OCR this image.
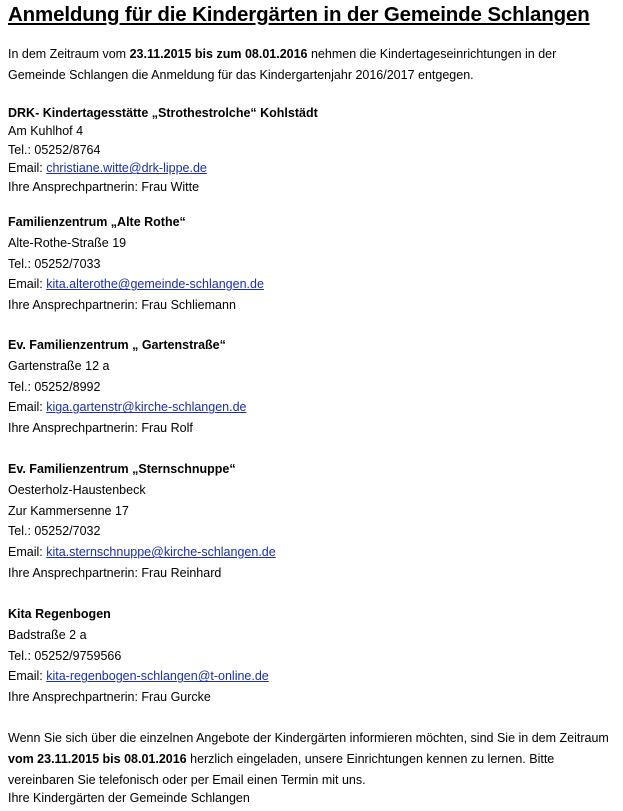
Anmeldung für die Kindergärten in der Gemeinde Schlangen
In dem Zeitraum vom 23.11.2015 bis zum 08.01.2016 nehmen die Kindertageseinrichtungen in der Gemeinde Schlangen die Anmeldung für das Kindergartenjahr 2016/2017 entgegen.
DRK- Kindertagesstätte „Strothestrolche“ Kohlstädt
Am Kuhlhof 4
Tel.: 05252/8764
Email: christiane.witte@drk-lippe.de
Ihre Ansprechpartnerin: Frau Witte
Familienzentrum „Alte Rothe“
Alte-Rothe-Straße 19
Tel.: 05252/7033
Email: kita.alterothe@gemeinde-schlangen.de
Ihre Ansprechpartnerin: Frau Schliemann
Ev. Familienzentrum „ Gartenstraße“
Gartenstraße 12 a
Tel.: 05252/8992
Email: kiga.gartenstr@kirche-schlangen.de
Ihre Ansprechpartnerin: Frau Rolf
Ev. Familienzentrum „Sternschnuppe“
Oesterholz-Haustenbeck
Zur Kammersenne 17
Tel.: 05252/7032
Email: kita.sternschnuppe@kirche-schlangen.de
Ihre Ansprechpartnerin: Frau Reinhard
Kita Regenbogen
Badstraße 2 a
Tel.: 05252/9759566
Email: kita-regenbogen-schlangen@t-online.de
Ihre Ansprechpartnerin: Frau Gurcke
Wenn Sie sich über die einzelnen Angebote der Kindergärten informieren möchten, sind Sie in dem Zeitraum vom 23.11.2015 bis 08.01.2016 herzlich eingeladen, unsere Einrichtungen kennen zu lernen. Bitte vereinbaren Sie telefonisch oder per Email einen Termin mit uns.
Ihre Kindergärten der Gemeinde Schlangen
